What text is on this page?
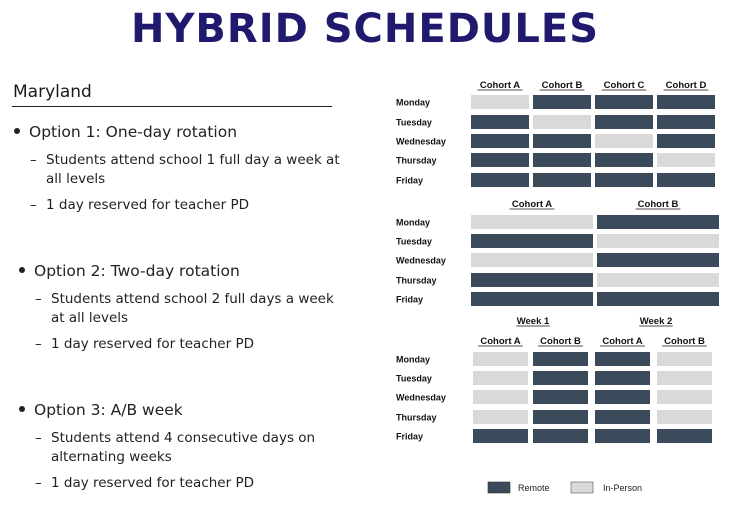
HYBRID SCHEDULES
Maryland
Option 1: One-day rotation
– Students attend school 1 full day a week at all levels
– 1 day reserved for teacher PD
Option 2: Two-day rotation
– Students attend school 2 full days a week at all levels
– 1 day reserved for teacher PD
Option 3: A/B week
– Students attend 4 consecutive days on alternating weeks
– 1 day reserved for teacher PD
Cohort A Cohort B Cohort C Cohort D
Monday
Tuesday
Wednesday
Thursday
Friday
Cohort A	Cohort B
Monday
Tuesday
Wednesday
Thursday
Friday
Week 1	Week 2
Cohort A Cohort B Cohort A Cohort B
Monday
Tuesday
Wednesday
Thursday
Friday
Remote	In-Person
